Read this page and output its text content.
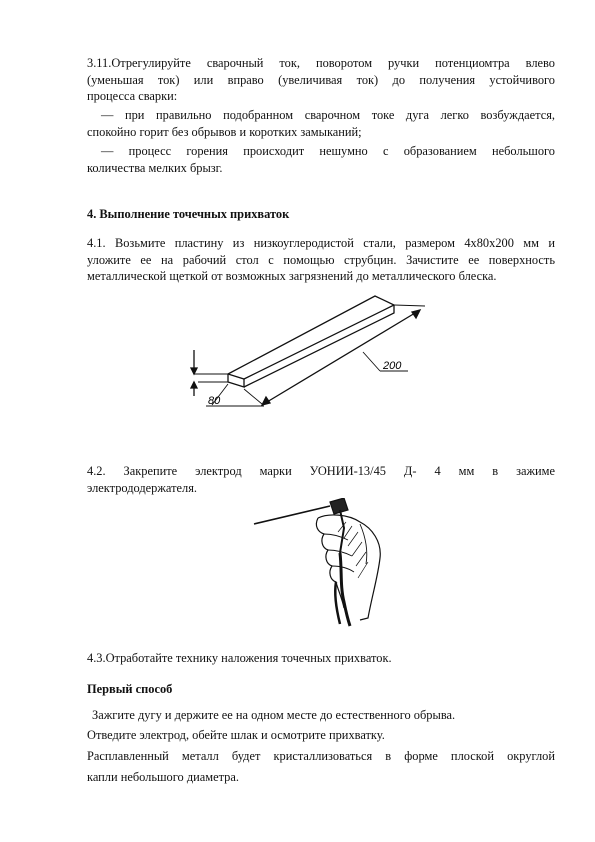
3.11.Отрегулируйте сварочный ток, поворотом ручки потенциомтра влево
(уменьшая ток) или вправо (увеличивая ток) до получения устойчивого
процесса сварки:
— при правильно подобранном сварочном токе дуга легко возбуждается,
спокойно горит без обрывов и коротких замыканий;
— процесс горения происходит нешумно с образованием небольшого
количества мелких брызг.
4. Выполнение точечных прихваток
4.1. Возьмите пластину из низкоуглеродистой стали, размером 4х80х200 мм и
уложите ее на рабочий стол с помощью струбцин. Зачистите ее поверхность
металлической щеткой от возможных загрязнений до металлического блеска.
200
80
4.2. Закрепите электрод марки УОНИИ-13/45 Д- 4 мм в зажиме
электрододержателя.
4.3.Отработайте технику наложения точечных прихваток.
Первый способ
Зажгите дугу и держите ее на одном месте до естественного обрыва.
Отведите электрод, обейте шлак и осмотрите прихватку.
Расплавленный металл будет кристаллизоваться в форме плоской округлой
капли небольшого диаметра.
